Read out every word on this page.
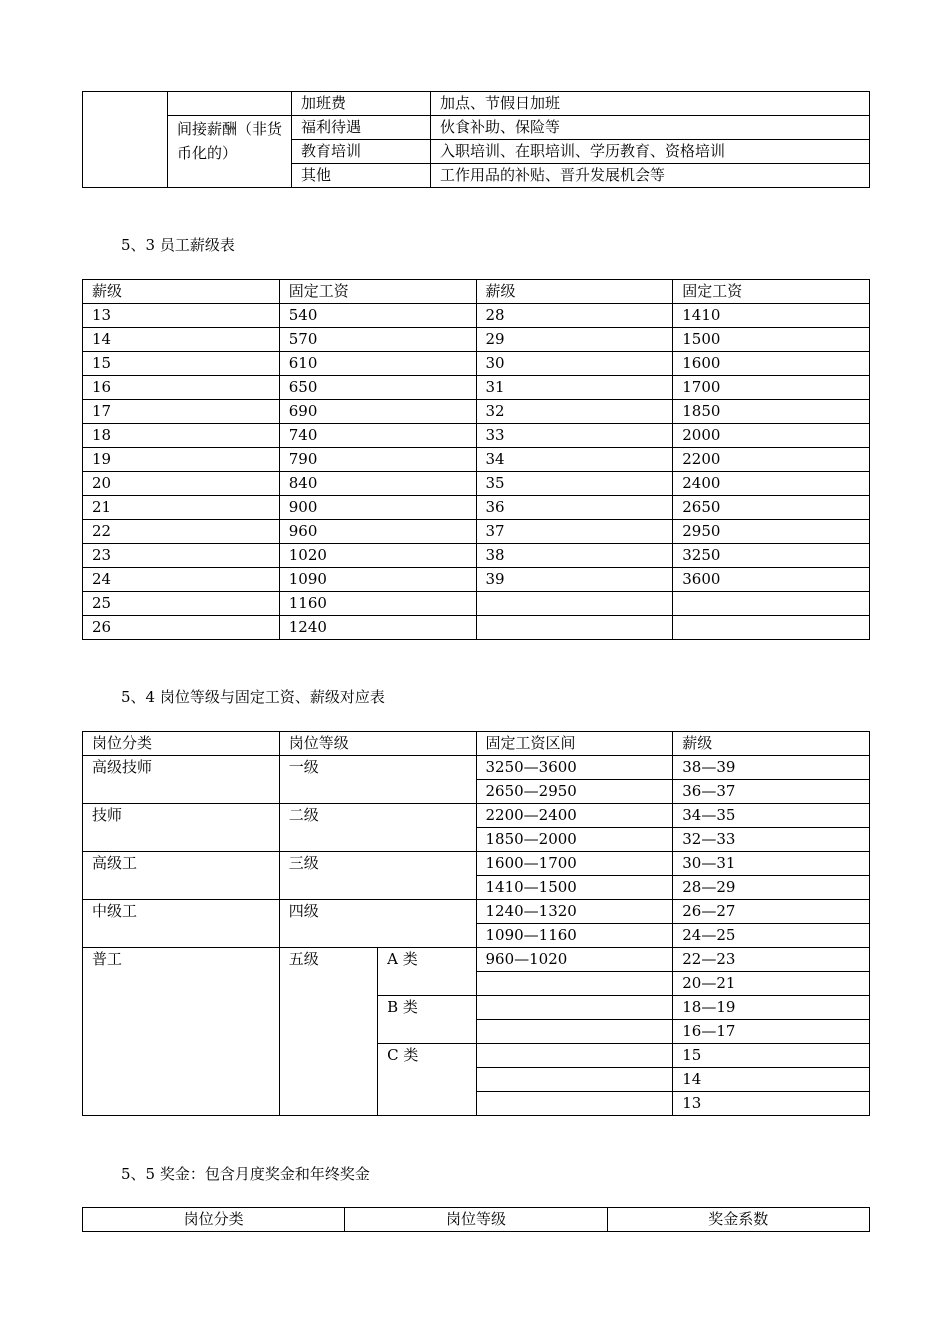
		加班费	加点、节假日加班
	间接薪酬（非货币化的）	福利待遇	伙食补助、保险等
		教育培训	入职培训、在职培训、学历教育、资格培训
		其他	工作用品的补贴、晋升发展机会等
5、3 员工薪级表
薪级	固定工资	薪级	固定工资
13	540	28	1410
14	570	29	1500
15	610	30	1600
16	650	31	1700
17	690	32	1850
18	740	33	2000
19	790	34	2200
20	840	35	2400
21	900	36	2650
22	960	37	2950
23	1020	38	3250
24	1090	39	3600
25	1160		
26	1240		
5、4 岗位等级与固定工资、薪级对应表
岗位分类	岗位等级		固定工资区间	薪级
高级技师	一级		3250—3600	38—39
			2650—2950	36—37
技师	二级		2200—2400	34—35
			1850—2000	32—33
高级工	三级		1600—1700	30—31
			1410—1500	28—29
中级工	四级		1240—1320	26—27
			1090—1160	24—25
普工	五级	A 类	960—1020	22—23
				20—21
		B 类		18—19
				16—17
		C 类		15
				14
				13
5、5 奖金：包含月度奖金和年终奖金
岗位分类	岗位等级	奖金系数
